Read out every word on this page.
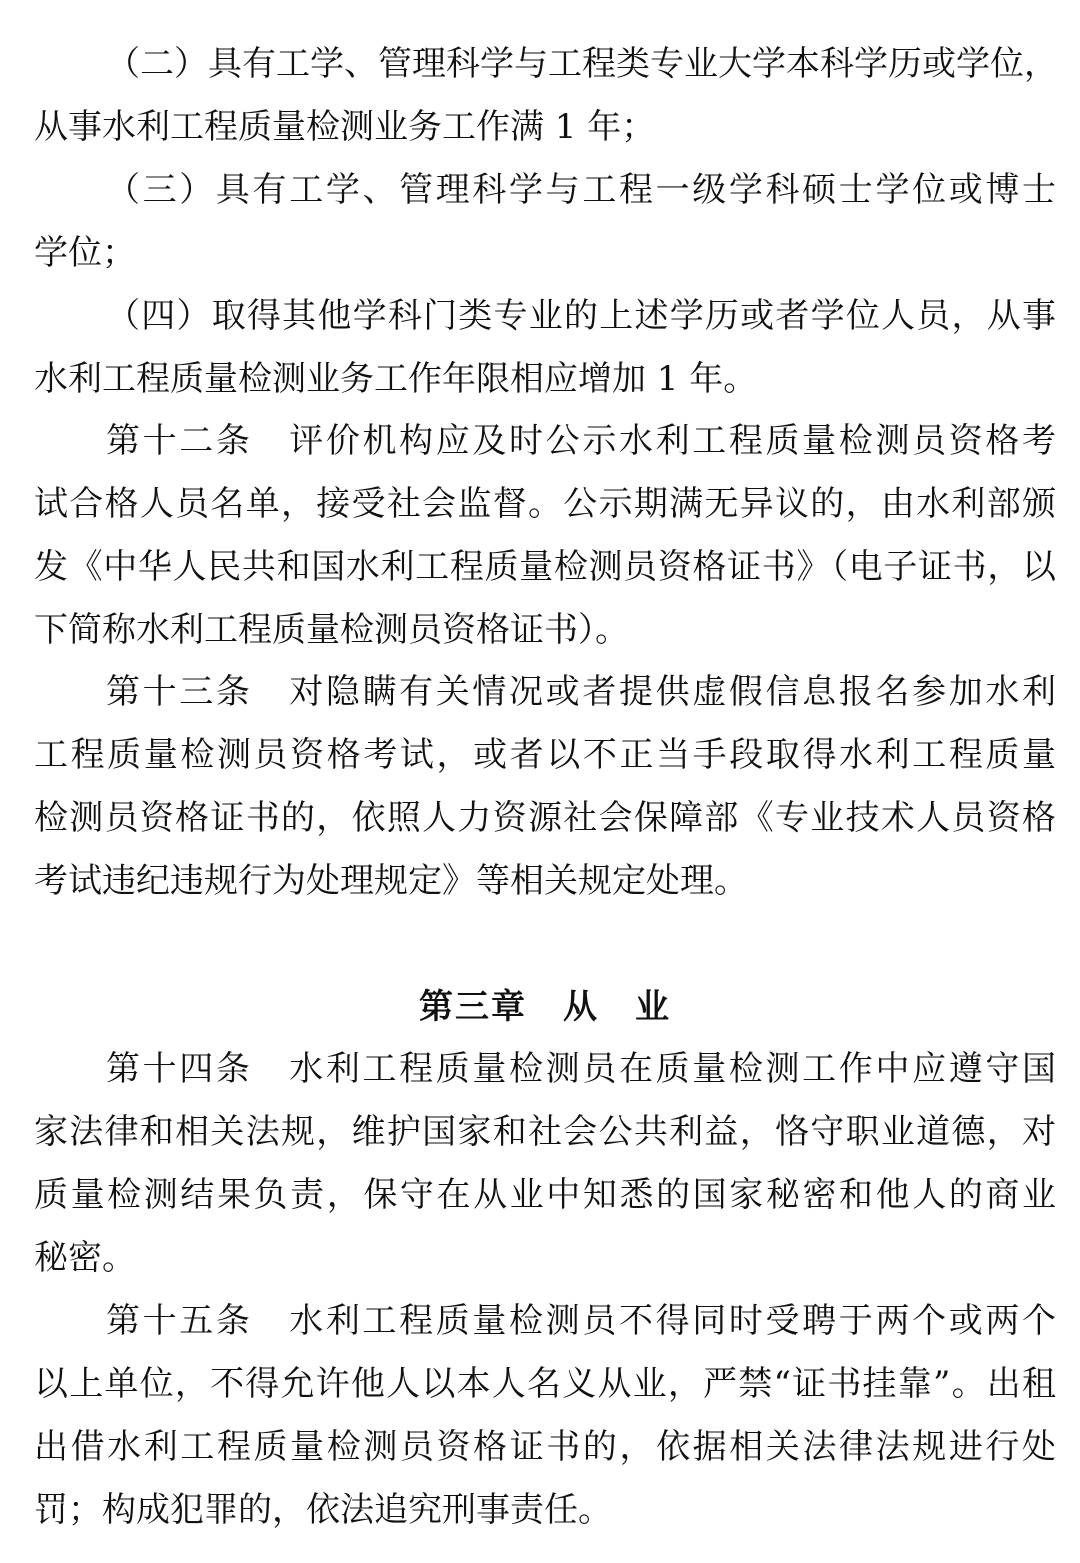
（二）具有工学、管理科学与工程类专业大学本科学历或学位，
从事水利工程质量检测业务工作满 1 年；
（三）具有工学、管理科学与工程一级学科硕士学位或博士
学位；
（四）取得其他学科门类专业的上述学历或者学位人员，从事
水利工程质量检测业务工作年限相应增加 1 年。
第十二条　评价机构应及时公示水利工程质量检测员资格考
试合格人员名单，接受社会监督。公示期满无异议的，由水利部颁
发《中华人民共和国水利工程质量检测员资格证书》（电子证书，以
下简称水利工程质量检测员资格证书）。
第十三条　对隐瞒有关情况或者提供虚假信息报名参加水利
工程质量检测员资格考试，或者以不正当手段取得水利工程质量
检测员资格证书的，依照人力资源社会保障部《专业技术人员资格
考试违纪违规行为处理规定》等相关规定处理。
第三章　从　业
第十四条　水利工程质量检测员在质量检测工作中应遵守国
家法律和相关法规，维护国家和社会公共利益，恪守职业道德，对
质量检测结果负责，保守在从业中知悉的国家秘密和他人的商业
秘密。
第十五条　水利工程质量检测员不得同时受聘于两个或两个
以上单位，不得允许他人以本人名义从业，严禁“证书挂靠”。出租
出借水利工程质量检测员资格证书的，依据相关法律法规进行处
罚；构成犯罪的，依法追究刑事责任。
